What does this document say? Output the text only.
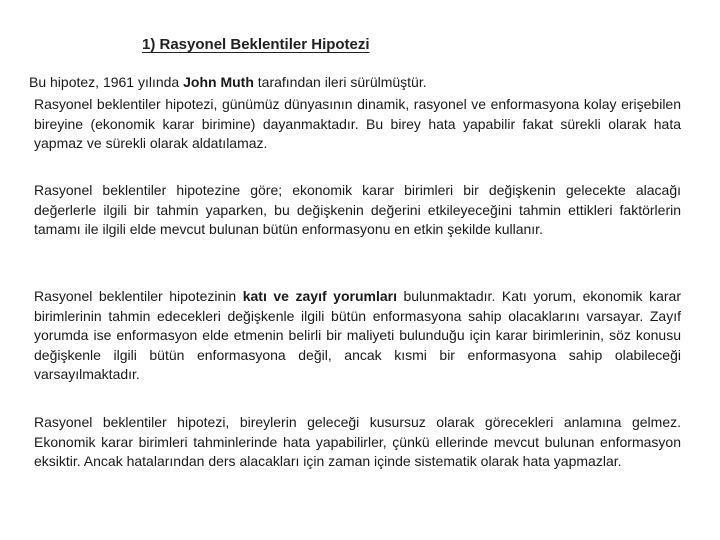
1) Rasyonel Beklentiler Hipotezi
Bu hipotez, 1961 yılında John Muth tarafından ileri sürülmüştür.

Rasyonel beklentiler hipotezi, günümüz dünyasının dinamik, rasyonel ve enformasyona kolay erişebilen bireyine (ekonomik karar birimine) dayanmaktadır. Bu birey hata yapabilir fakat sürekli olarak hata yapmaz ve sürekli olarak aldatılamaz.

Rasyonel beklentiler hipotezine göre; ekonomik karar birimleri bir değişkenin gelecekte alacağı değerlerle ilgili bir tahmin yaparken, bu değişkenin değerini etkileyeceğini tahmin ettikleri faktörlerin tamamı ile ilgili elde mevcut bulunan bütün enformasyonu en etkin şekilde kullanır.

Rasyonel beklentiler hipotezinin katı ve zayıf yorumları bulunmaktadır. Katı yorum, ekonomik karar birimlerinin tahmin edecekleri değişkenle ilgili bütün enformasyona sahip olacaklarını varsayar. Zayıf yorumda ise enformasyon elde etmenin belirli bir maliyeti bulunduğu için karar birimlerinin, söz konusu değişkenle ilgili bütün enformasyona değil, ancak kısmi bir enformasyona sahip olabileceği varsayılmaktadır.

Rasyonel beklentiler hipotezi, bireylerin geleceği kusursuz olarak görecekleri anlamına gelmez. Ekonomik karar birimleri tahminlerinde hata yapabilirler, çünkü ellerinde mevcut bulunan enformasyon eksiktir. Ancak hatalarından ders alacakları için zaman içinde sistematik olarak hata yapmazlar.
